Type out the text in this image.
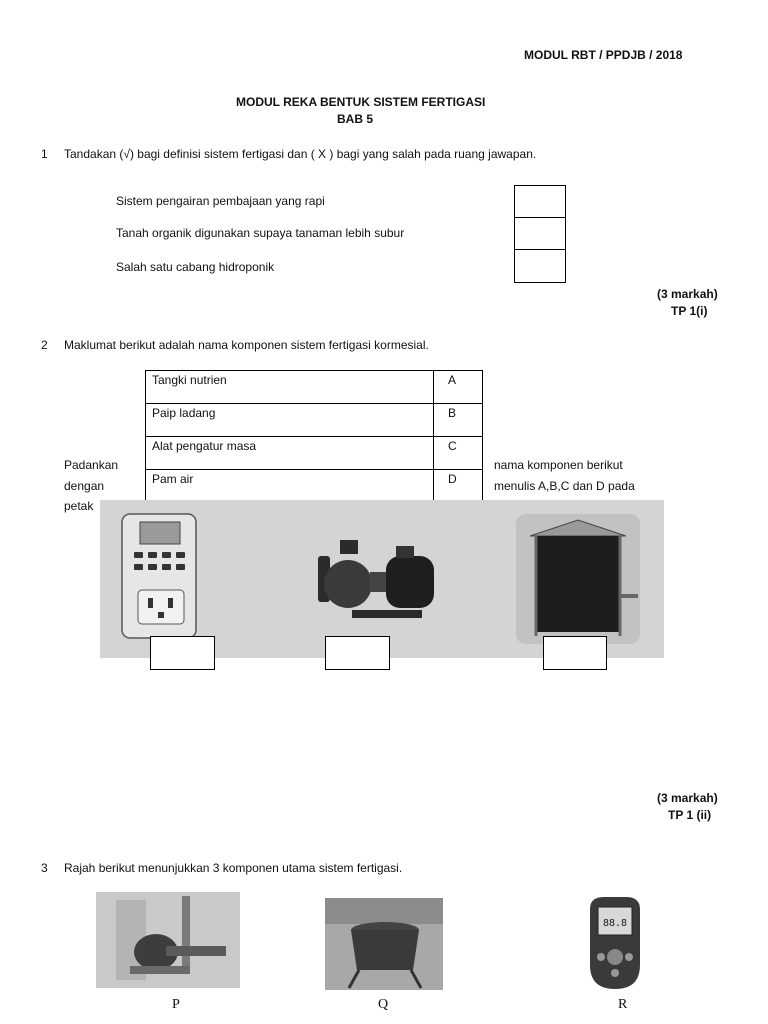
MODUL RBT / PPDJB / 2018
MODUL REKA BENTUK SISTEM FERTIGASI
BAB 5
1 Tandakan (√) bagi definisi sistem fertigasi dan ( X ) bagi yang salah pada ruang jawapan.
Sistem pengairan pembajaan yang rapi
Tanah organik digunakan supaya tanaman lebih subur
Salah satu cabang hidroponik
(3 markah)
TP 1(i)
2 Maklumat berikut adalah nama komponen sistem fertigasi kormesial.
Tangki nutrien	A
Paip ladang	B
Alat pengatur masa	C
Pam air	D
Padankan
dengan
petak
nama komponen berikut
menulis A,B,C dan D pada
(3 markah)
TP 1 (ii)
3 Rajah berikut menunjukkan 3 komponen utama sistem fertigasi.
P	Q
88.8
R
